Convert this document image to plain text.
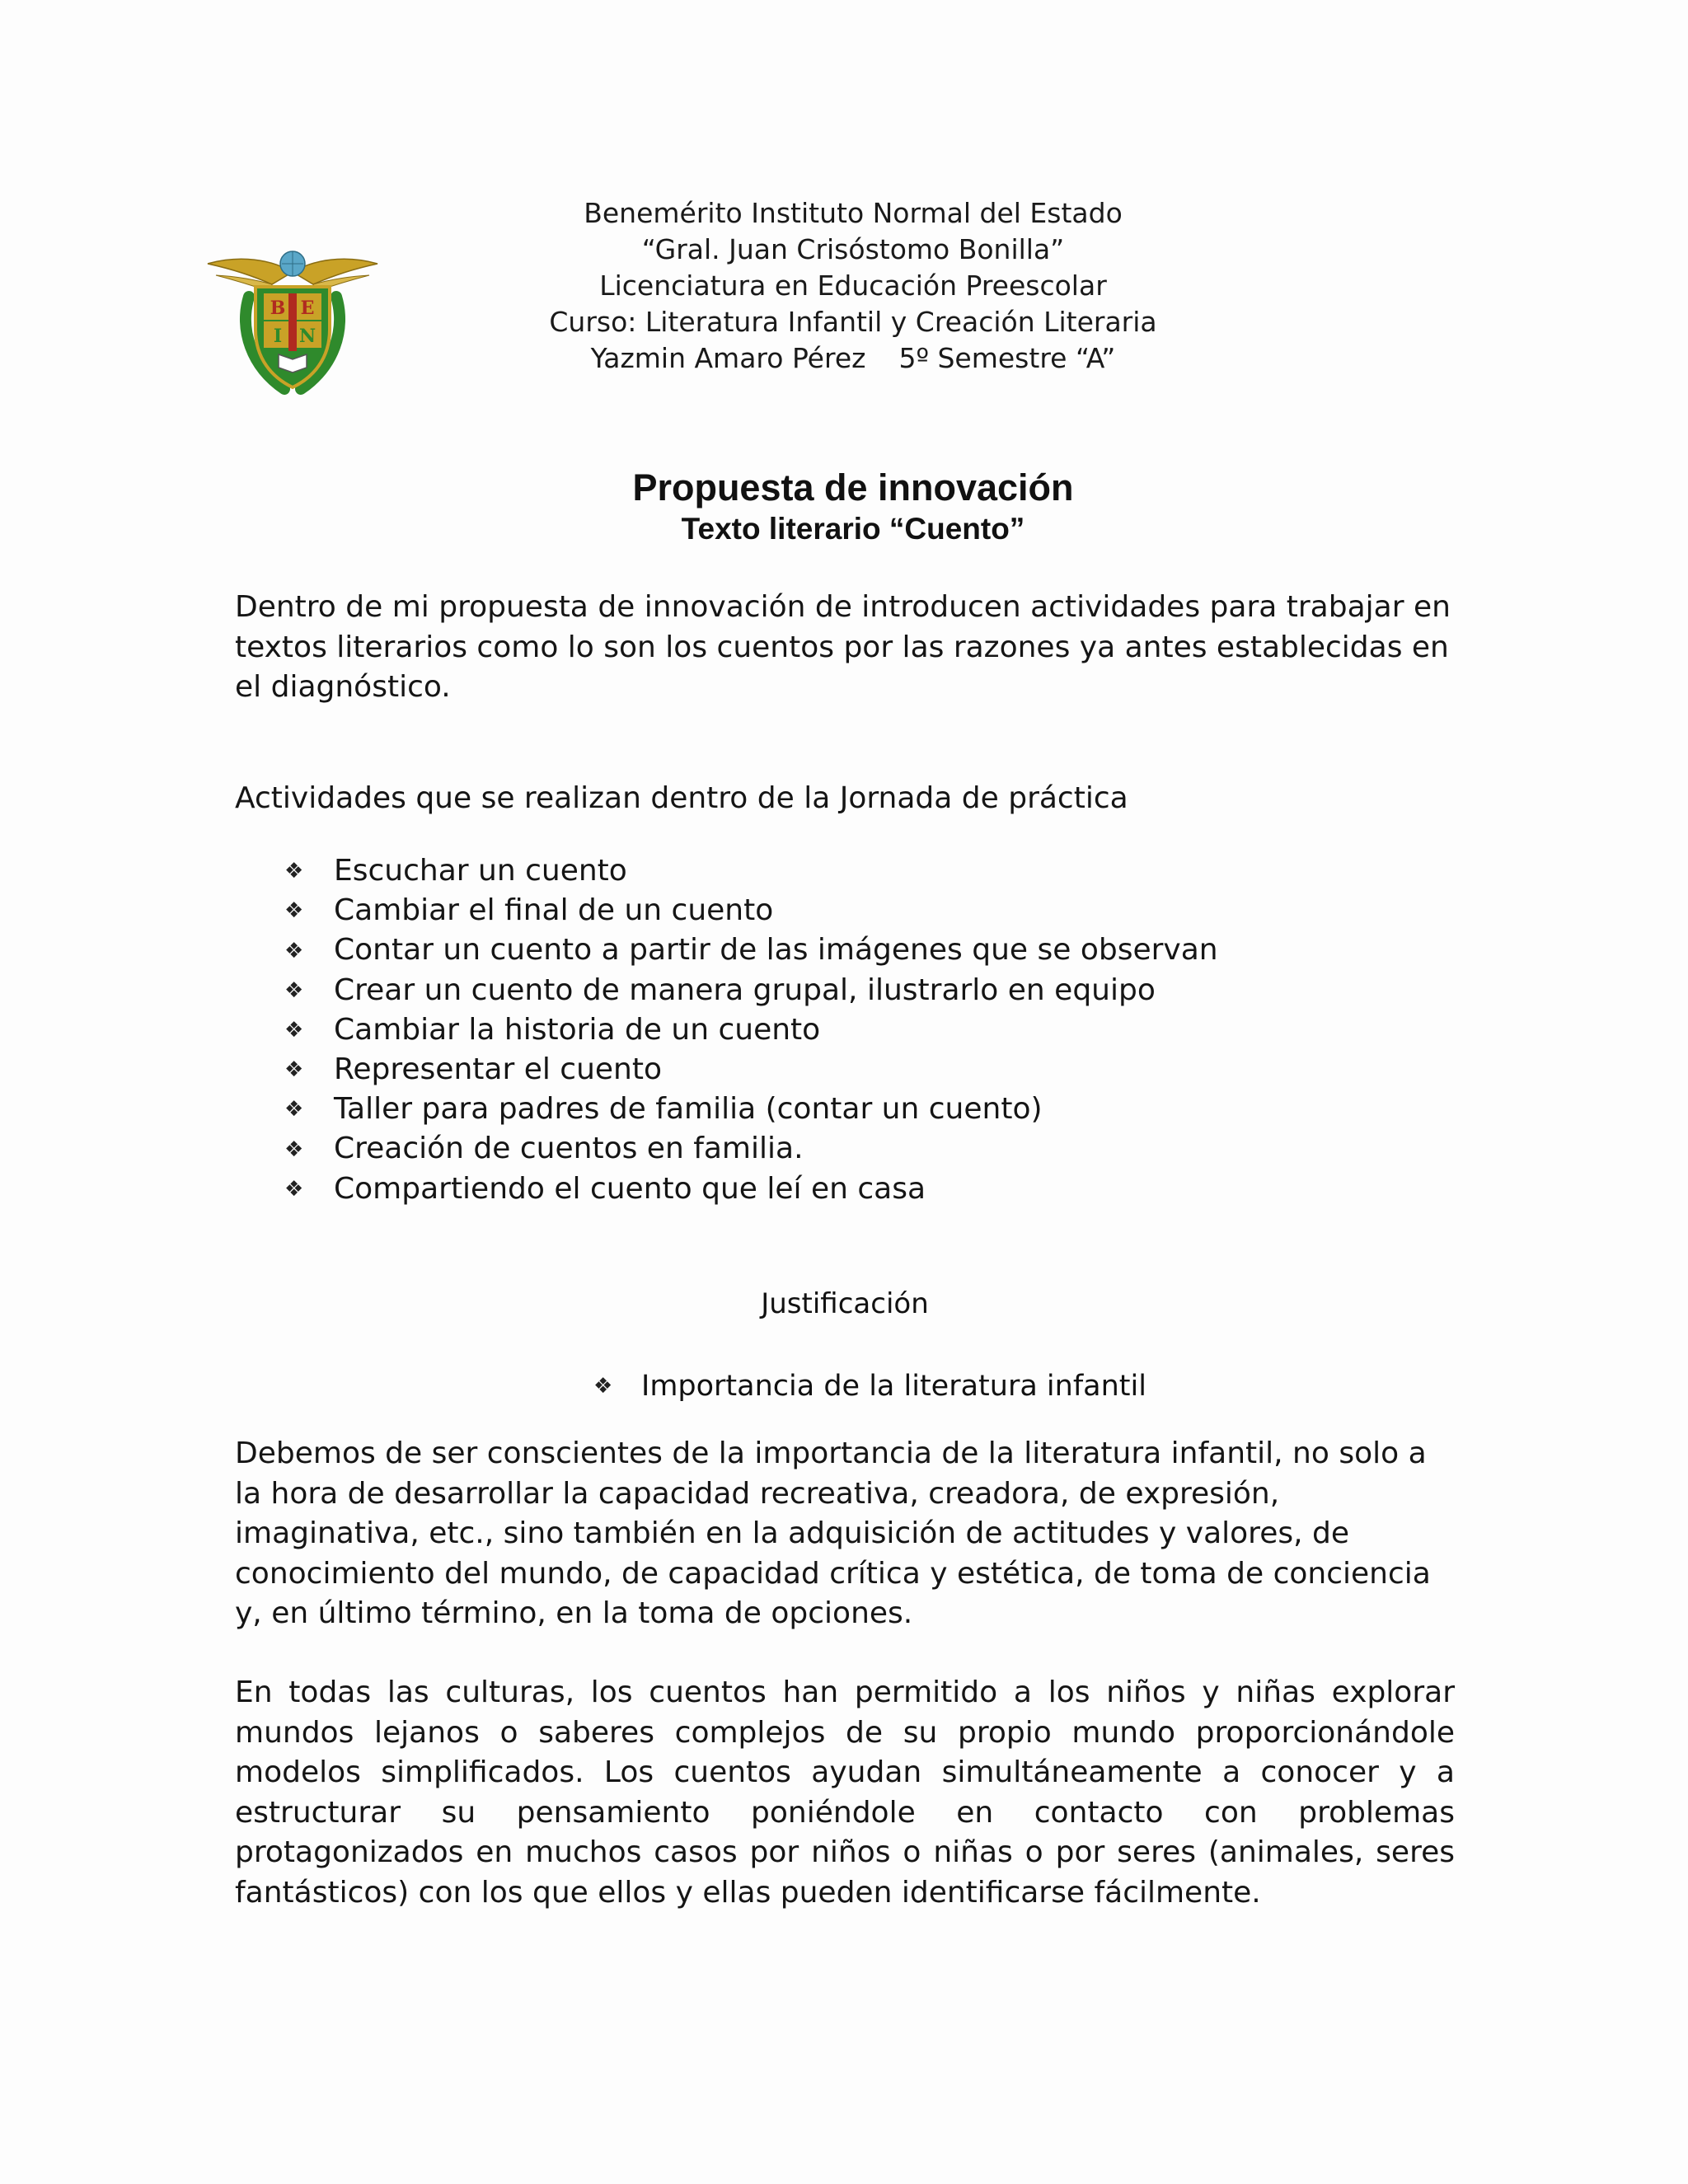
B E
I N
Benemérito Instituto Normal del Estado
“Gral. Juan Crisóstomo Bonilla”
Licenciatura en Educación Preescolar
Curso: Literatura Infantil y Creación Literaria
Yazmin Amaro Pérez 5º Semestre “A”
Propuesta de innovación
Texto literario “Cuento”
Dentro de mi propuesta de innovación de introducen actividades para trabajar en textos literarios como lo son los cuentos por las razones ya antes establecidas en el diagnóstico.
Actividades que se realizan dentro de la Jornada de práctica
❖	Escuchar un cuento
❖	Cambiar el final de un cuento
❖	Contar un cuento a partir de las imágenes que se observan
❖	Crear un cuento de manera grupal, ilustrarlo en equipo
❖	Cambiar la historia de un cuento
❖	Representar el cuento
❖	Taller para padres de familia (contar un cuento)
❖	Creación de cuentos en familia.
❖	Compartiendo el cuento que leí en casa
Justificación
❖ Importancia de la literatura infantil
Debemos de ser conscientes de la importancia de la literatura infantil, no solo a la hora de desarrollar la capacidad recreativa, creadora, de expresión, imaginativa, etc., sino también en la adquisición de actitudes y valores, de conocimiento del mundo, de capacidad crítica y estética, de toma de conciencia y, en último término, en la toma de opciones.
En todas las culturas, los cuentos han permitido a los niños y niñas explorar mundos lejanos o saberes complejos de su propio mundo proporcionándole modelos simplificados. Los cuentos ayudan simultáneamente a conocer y a estructurar su pensamiento poniéndole en contacto con problemas protagonizados en muchos casos por niños o niñas o por seres (animales, seres fantásticos) con los que ellos y ellas pueden identificarse fácilmente.
